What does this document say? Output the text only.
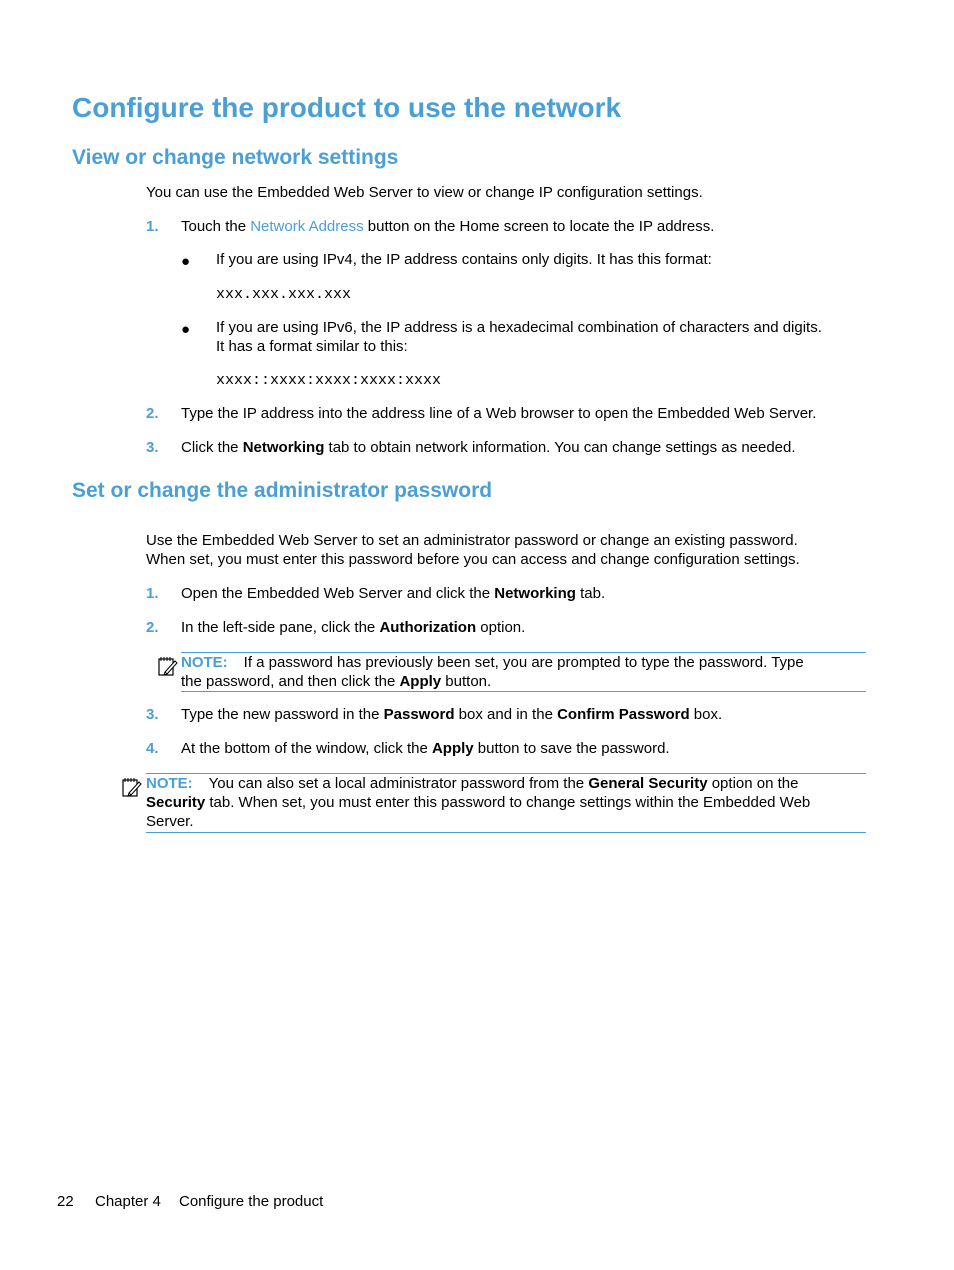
Configure the product to use the network
View or change network settings

You can use the Embedded Web Server to view or change IP configuration settings.

1. Touch the Network Address button on the Home screen to locate the IP address.
● If you are using IPv4, the IP address contains only digits. It has this format:
xxx.xxx.xxx.xxx
● If you are using IPv6, the IP address is a hexadecimal combination of characters and digits.
It has a format similar to this:
xxxx::xxxx:xxxx:xxxx:xxxx
2. Type the IP address into the address line of a Web browser to open the Embedded Web Server.
3. Click the Networking tab to obtain network information. You can change settings as needed.
Set or change the administrator password
Use the Embedded Web Server to set an administrator password or change an existing password.
When set, you must enter this password before you can access and change configuration settings.
1. Open the Embedded Web Server and click the Networking tab.
2. In the left-side pane, click the Authorization option.
NOTE: If a password has previously been set, you are prompted to type the password. Type
the password, and then click the Apply button.
3. Type the new password in the Password box and in the Confirm Password box.
4. At the bottom of the window, click the Apply button to save the password.
NOTE: You can also set a local administrator password from the General Security option on the
Security tab. When set, you must enter this password to change settings within the Embedded Web
Server.
22 Chapter 4 Configure the product
